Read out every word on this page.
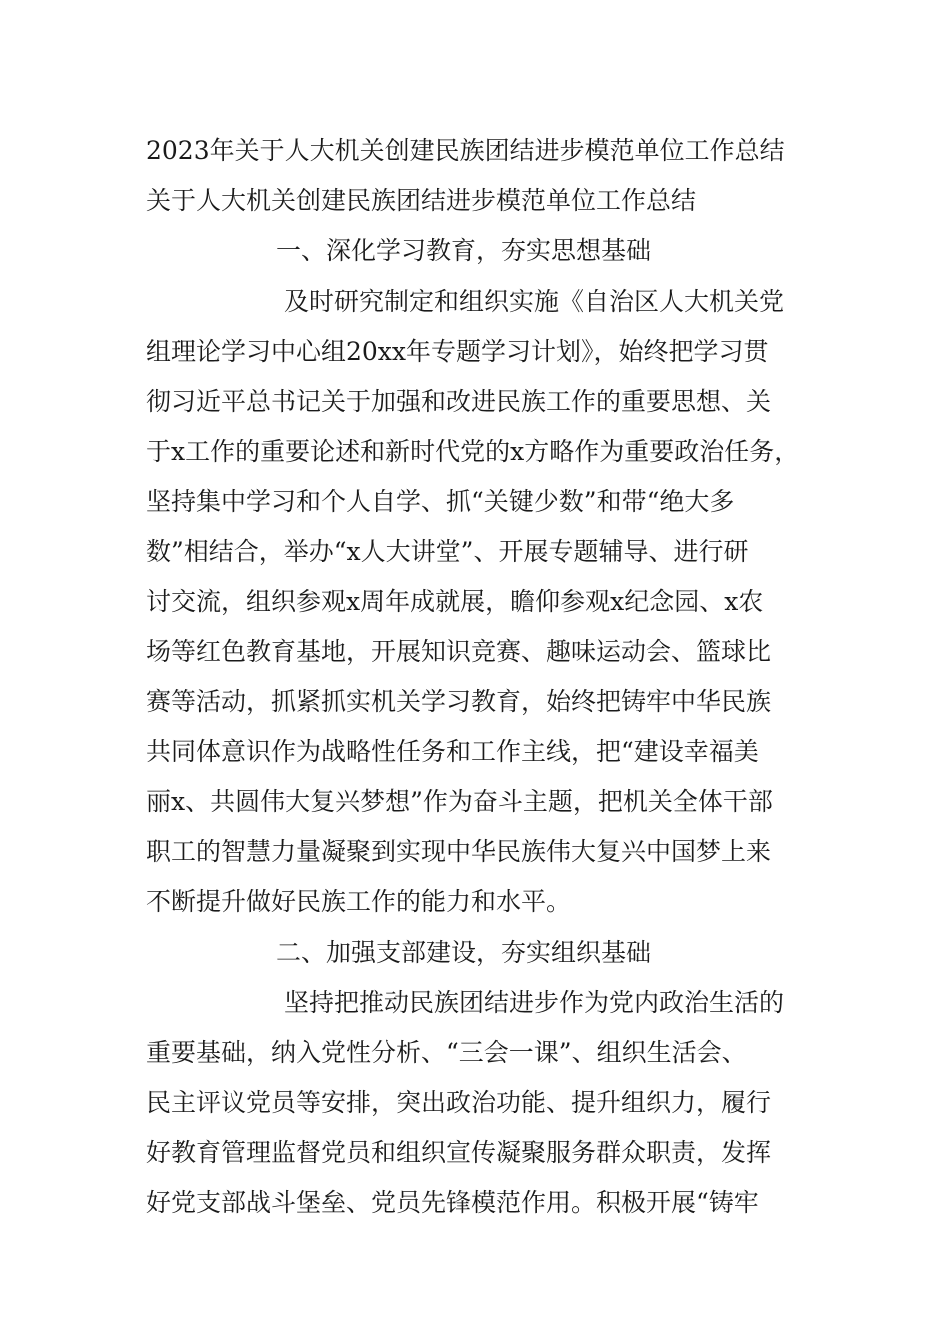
2023年关于人大机关创建民族团结进步模范单位工作总结
关于人大机关创建民族团结进步模范单位工作总结
一、深化学习教育，夯实思想基础
及时研究制定和组织实施《自治区人大机关党
组理论学习中心组20xx年专题学习计划》，始终把学习贯
彻习近平总书记关于加强和改进民族工作的重要思想、关
于x工作的重要论述和新时代党的x方略作为重要政治任务，
坚持集中学习和个人自学、抓“关键少数”和带“绝大多
数”相结合，举办“x人大讲堂”、开展专题辅导、进行研
讨交流，组织参观x周年成就展，瞻仰参观x纪念园、x农
场等红色教育基地，开展知识竞赛、趣味运动会、篮球比
赛等活动，抓紧抓实机关学习教育，始终把铸牢中华民族
共同体意识作为战略性任务和工作主线，把“建设幸福美
丽x、共圆伟大复兴梦想”作为奋斗主题，把机关全体干部
职工的智慧力量凝聚到实现中华民族伟大复兴中国梦上来
不断提升做好民族工作的能力和水平。
二、加强支部建设，夯实组织基础
坚持把推动民族团结进步作为党内政治生活的
重要基础，纳入党性分析、“三会一课”、组织生活会、
民主评议党员等安排，突出政治功能、提升组织力，履行
好教育管理监督党员和组织宣传凝聚服务群众职责，发挥
好党支部战斗堡垒、党员先锋模范作用。积极开展“铸牢
